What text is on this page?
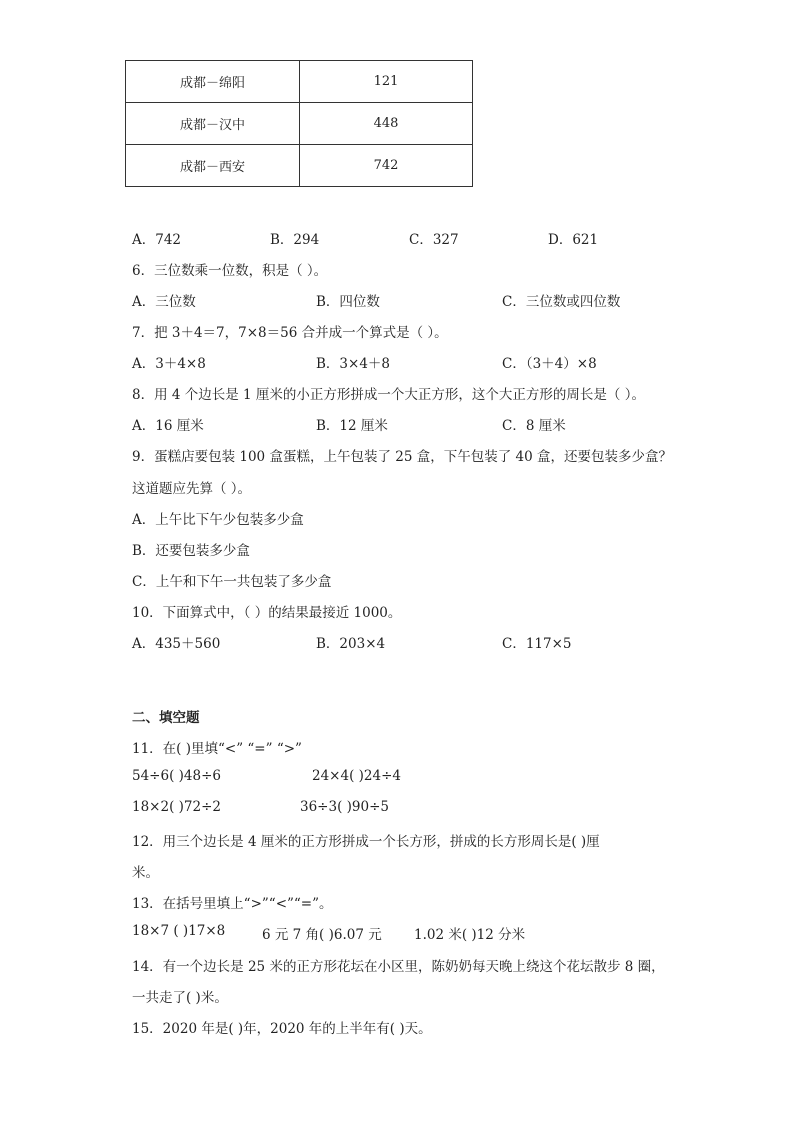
成都－绵阳	121
成都－汉中	448
成都－西安	742
A．742	B．294	C．327	D．621
6．三位数乘一位数，积是（ ）。
A．三位数	B．四位数	C．三位数或四位数
7．把 3＋4＝7，7×8＝56 合并成一个算式是（ ）。
A．3＋4×8	B．3×4＋8	C．（3＋4）×8
8．用 4 个边长是 1 厘米的小正方形拼成一个大正方形，这个大正方形的周长是（ ）。
A．16 厘米	B．12 厘米	C．8 厘米
9．蛋糕店要包装 100 盒蛋糕，上午包装了 25 盒，下午包装了 40 盒，还要包装多少盒？
这道题应先算（ ）。
A．上午比下午少包装多少盒
B．还要包装多少盒
C．上午和下午一共包装了多少盒
10．下面算式中，（ ）的结果最接近 1000。
A．435＋560	B．203×4	C．117×5
二、填空题
11．在( )里填“<” “=” “>”
54÷6( )48÷6	24×4( )24÷4
18×2( )72÷2	36÷3( )90÷5
12．用三个边长是 4 厘米的正方形拼成一个长方形，拼成的长方形周长是( )厘
米。
13．在括号里填上“>”“<”“=”。
18×7 ( )17×8	6 元 7 角( )6.07 元 1.02 米( )12 分米
14．有一个边长是 25 米的正方形花坛在小区里，陈奶奶每天晚上绕这个花坛散步 8 圈，
一共走了( )米。
15．2020 年是( )年，2020 年的上半年有( )天。
